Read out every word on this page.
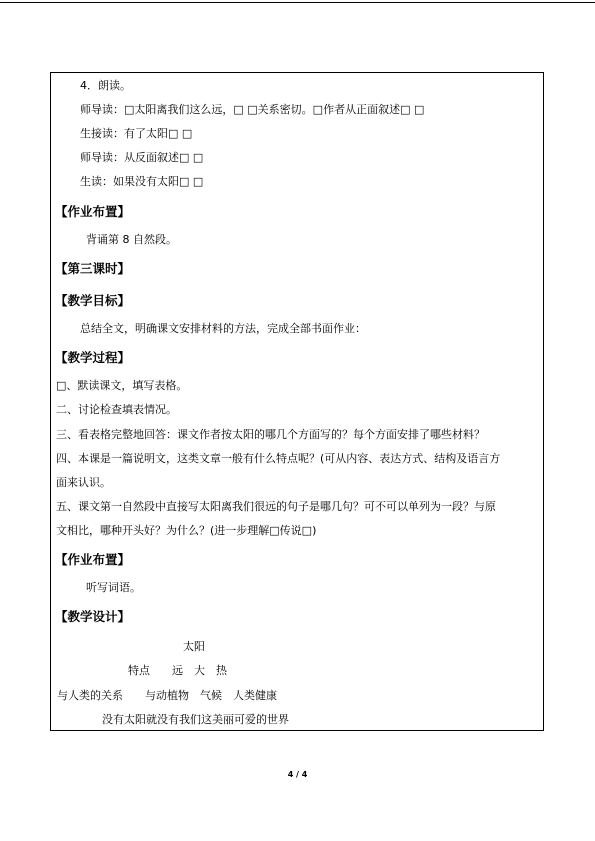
4．朗读。
师导读：□太阳离我们这么远，□ □关系密切。□作者从正面叙述□ □
生接读：有了太阳□ □
师导读：从反面叙述□ □
生读：如果没有太阳□ □
【作业布置】
背诵第 8 自然段。
【第三课时】
【教学目标】
总结全文，明确课文安排材料的方法，完成全部书面作业：
【教学过程】
□、默读课文，填写表格。
二、讨论检查填表情况。
三、看表格完整地回答：课文作者按太阳的哪几个方面写的？每个方面安排了哪些材料？
四、本课是一篇说明文，这类文章一般有什么特点呢？(可从内容、表达方式、结构及语言方
面来认识。
五、课文第一自然段中直接写太阳离我们很远的句子是哪几句？可不可以单列为一段？与原
文相比，哪种开头好？为什么？(进一步理解□传说□)
【作业布置】
听写词语。
【教学设计】
太阳
特点　　远　大　热
与人类的关系　　与动植物　气候　人类健康
没有太阳就没有我们这美丽可爱的世界
4 / 4
